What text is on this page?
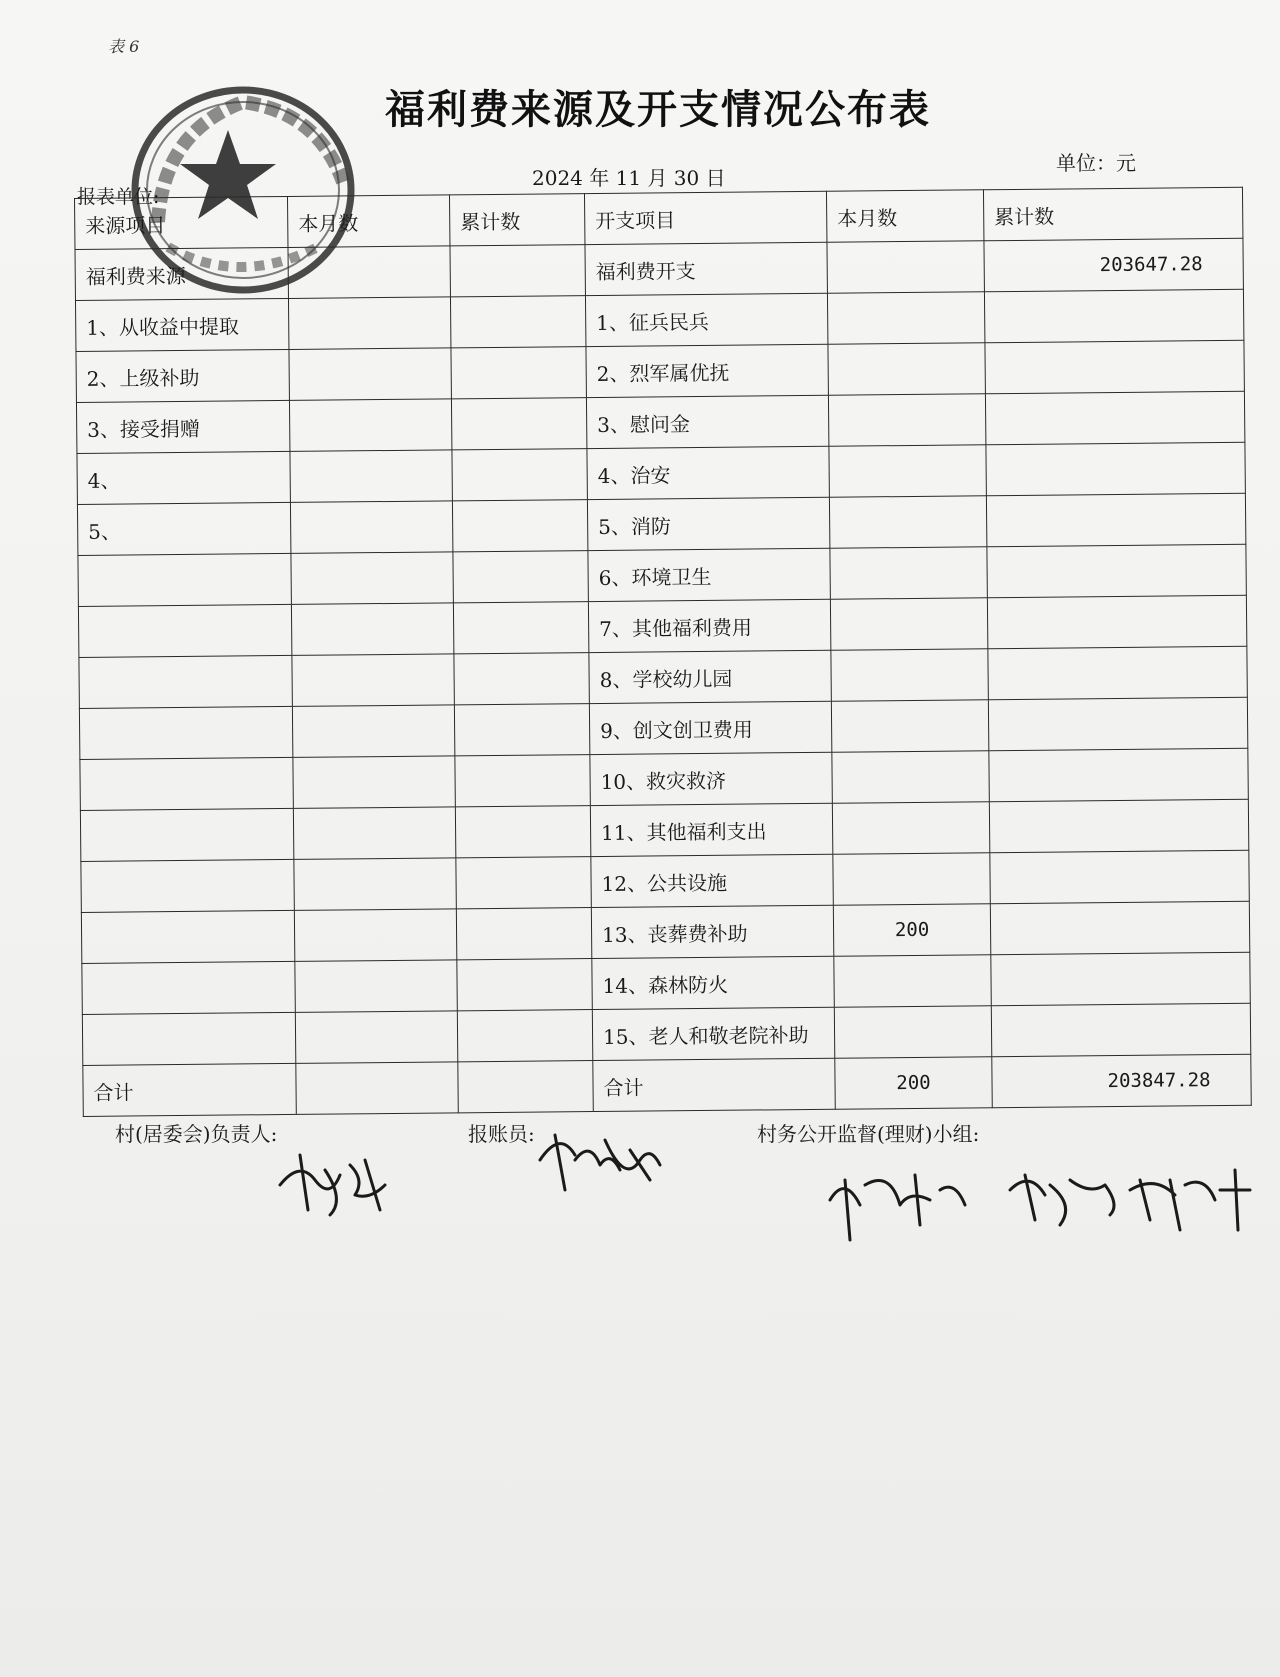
表 6
福利费来源及开支情况公布表
单位：元
2024 年 11 月 30 日
报表单位:
来源项目	本月数	累计数	开支项目	本月数	累计数
福利费来源			福利费开支		203647.28
1、从收益中提取			1、征兵民兵		
2、上级补助			2、烈军属优抚		
3、接受捐赠			3、慰问金		
4、			4、治安		
5、			5、消防		
			6、环境卫生		
			7、其他福利费用		
			8、学校幼儿园		
			9、创文创卫费用		
			10、救灾救济		
			11、其他福利支出		
			12、公共设施		
			13、丧葬费补助	200	
			14、森林防火		
			15、老人和敬老院补助		
合计			合计	200	203847.28
村(居委会)负责人:	报账员:	村务公开监督(理财)小组:
